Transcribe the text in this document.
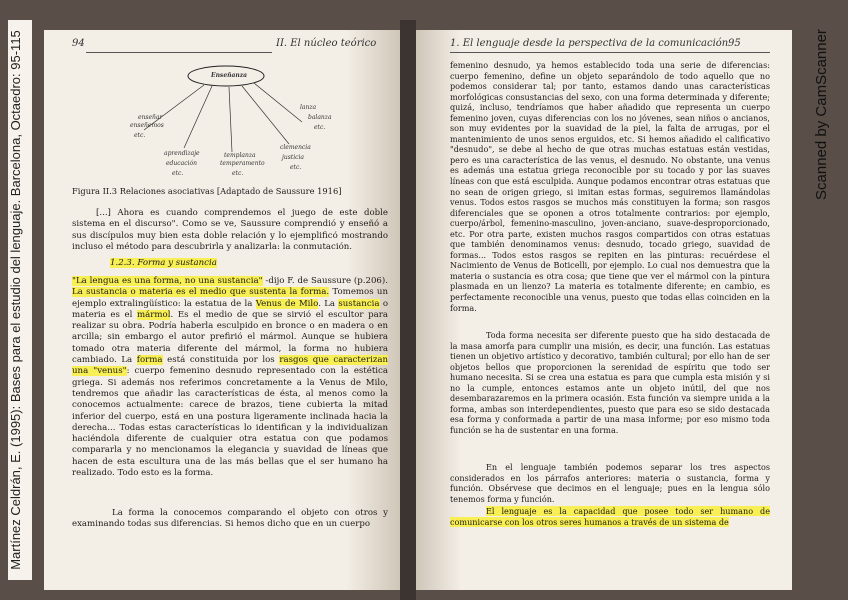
Martínez Celdrán, E. (1995): Bases para el estudio del lenguaje. Barcelona, Octaedro: 95-115	94	II. El núcleo teórico
Enseñanza
enseñar
enseñemos
etc.
aprendizaje
educación
etc.
templanza
temperamento
etc.
clemencia
justicia
etc.
lanza
balanza
etc.
Figura II.3 Relaciones asociativas [Adaptado de Saussure 1916]

[...] Ahora es cuando comprendemos el juego de este doble sistema en el discurso". Como se ve, Saussure comprendió y enseñó a sus discípulos muy bien esta doble relación y lo ejemplificó mostrando incluso el método para descubrirla y analizarla: la conmutación.

1.2.3. Forma y sustancia

"La lengua es una forma, no una sustancia" -dijo F. de Saussure (p.206). La sustancia o materia es el medio que sustenta la forma. Tomemos un ejemplo extralingüístico: la estatua de la Venus de Milo. La sustancia o materia es el mármol. Es el medio de que se sirvió el escultor para realizar su obra. Podría haberla esculpido en bronce o en madera o en arcilla; sin embargo el autor prefirió el mármol. Aunque se hubiera tomado otra materia diferente del mármol, la forma no hubiera cambiado. La forma está constituida por los rasgos que caracterizan una "venus": cuerpo femenino desnudo representado con la estética griega. Si además nos referimos concretamente a la Venus de Milo, tendremos que añadir las características de ésta, al menos como la conocemos actualmente: carece de brazos, tiene cubierta la mitad inferior del cuerpo, está en una postura ligeramente inclinada hacia la derecha... Todas estas características lo identifican y la individualizan haciéndola diferente de cualquier otra estatua con que podamos compararla y no mencionamos la elegancia y suavidad de líneas que hacen de esta escultura una de las más bellas que el ser humano ha realizado. Todo esto es la forma.

La forma la conocemos comparando el objeto con otros y examinando todas sus diferencias. Si hemos dicho que en un cuerpo

1. El lenguaje desde la perspectiva de la comunicación 95

femenino desnudo, ya hemos establecido toda una serie de diferencias: cuerpo femenino, define un objeto separándolo de todo aquello que no podemos considerar tal; por tanto, estamos dando unas características morfológicas consustancias del sexo, con una forma determinada y diferente; quizá, incluso, tendríamos que haber añadido que representa un cuerpo femenino joven, cuyas diferencias con los no jóvenes, sean niños o ancianos, son muy evidentes por la suavidad de la piel, la falta de arrugas, por el mantenimiento de unos senos erguidos, etc. Si hemos añadido el calificativo "desnudo", se debe al hecho de que otras muchas estatuas están vestidas, pero es una característica de las venus, el desnudo. No obstante, una venus es además una estatua griega reconocible por su tocado y por las suaves líneas con que está esculpida. Aunque podamos encontrar otras estatuas que no sean de origen griego, si imitan estas formas, seguiremos llamándolas venus. Todos estos rasgos se muchos más constituyen la forma; son rasgos diferenciales que se oponen a otros totalmente contrarios: por ejemplo, cuerpo/árbol, femenino-masculino, joven-anciano, suave-desproporcionado, etc. Por otra parte, existen muchos rasgos compartidos con otras estatuas que también denominamos venus: desnudo, tocado griego, suavidad de formas... Todos estos rasgos se repiten en las pinturas: recuérdese el Nacimiento de Venus de Boticelli, por ejemplo. Lo cual nos demuestra que la materia o sustancia es otra cosa; que tiene que ver el mármol con la pintura plasmada en un lienzo? La materia es totalmente diferente; en cambio, es perfectamente reconocible una venus, puesto que todas ellas coinciden en la forma.

Toda forma necesita ser diferente puesto que ha sido destacada de la masa amorfa para cumplir una misión, es decir, una función. Las estatuas tienen un objetivo artístico y decorativo, también cultural; por ello han de ser objetos bellos que proporcionen la serenidad de espíritu que todo ser humano necesita. Si se crea una estatua es para que cumpla esta misión y si no la cumple, entonces estamos ante un objeto inútil, del que nos desembarazaremos en la primera ocasión. Esta función va siempre unida a la forma, ambas son interdependientes, puesto que para eso se sido destacada esa forma y conformada a partir de una masa informe; por eso mismo toda función se ha de sustentar en una forma.

En el lenguaje también podemos separar los tres aspectos considerados en los párrafos anteriores: materia o sustancia, forma y función. Obsérvese que decimos en el lenguaje; pues en la lengua sólo tenemos forma y función.

El lenguaje es la capacidad que posee todo ser humano de comunicarse con los otros seres humanos a través de un sistema de

Scanned by CamScanner
